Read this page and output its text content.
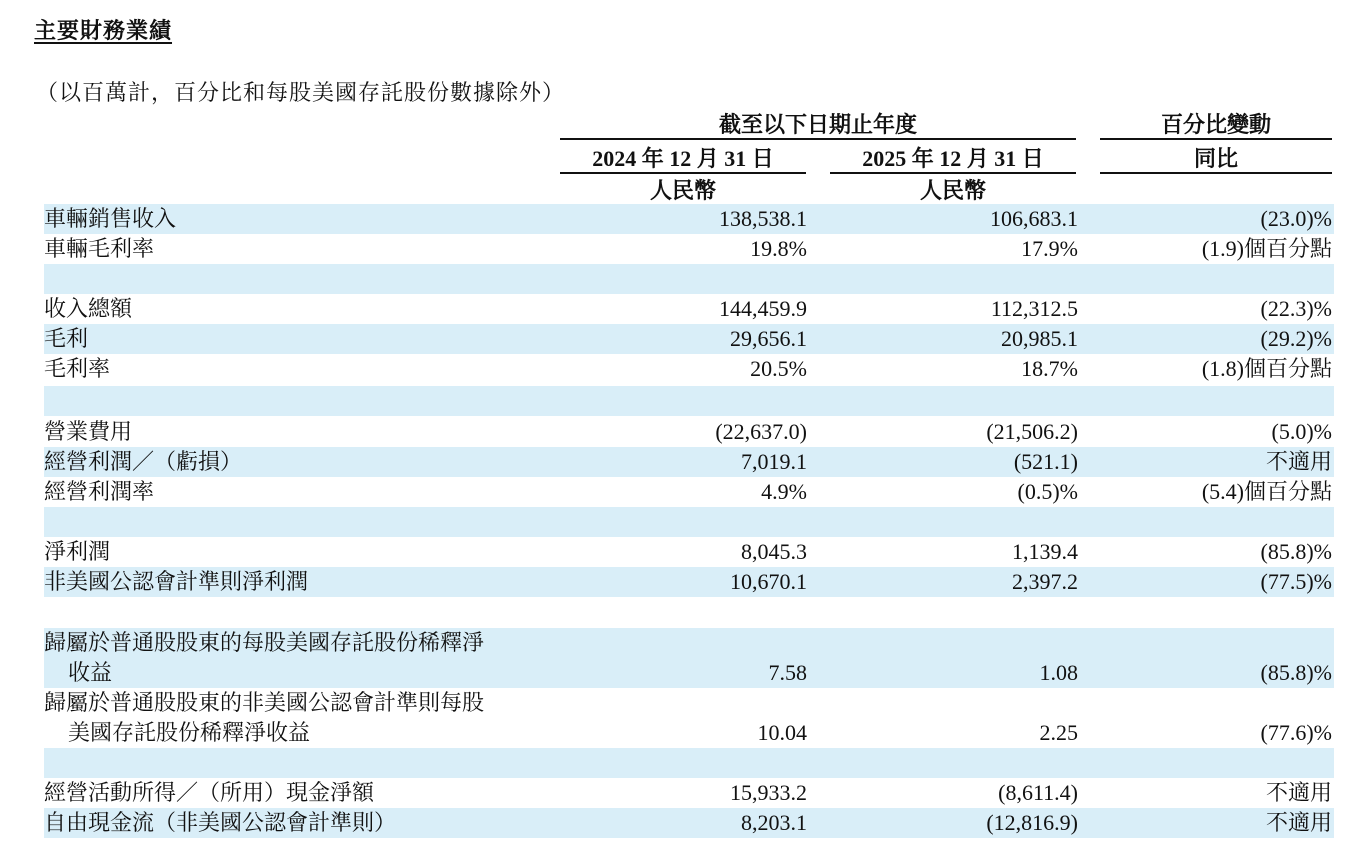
主要財務業績
（以百萬計，百分比和每股美國存託股份數據除外）
截至以下日期止年度	百分比變動
2024 年 12 月 31 日	2025 年 12 月 31 日	同比
人民幣	人民幣
車輛銷售收入	138,538.1	106,683.1	(23.0)%
車輛毛利率	19.8%	17.9%	(1.9)個百分點
收入總額	144,459.9	112,312.5	(22.3)%
毛利	29,656.1	20,985.1	(29.2)%
毛利率	20.5%	18.7%	(1.8)個百分點
營業費用	(22,637.0)	(21,506.2)	(5.0)%
經營利潤／（虧損）	7,019.1	(521.1)	不適用
經營利潤率	4.9%	(0.5)%	(5.4)個百分點
淨利潤	8,045.3	1,139.4	(85.8)%
非美國公認會計準則淨利潤	10,670.1	2,397.2	(77.5)%
歸屬於普通股股東的每股美國存託股份稀釋淨
收益	7.58	1.08	(85.8)%
歸屬於普通股股東的非美國公認會計準則每股
美國存託股份稀釋淨收益	10.04	2.25	(77.6)%
經營活動所得／（所用）現金淨額	15,933.2	(8,611.4)	不適用
自由現金流（非美國公認會計準則）	8,203.1	(12,816.9)	不適用
